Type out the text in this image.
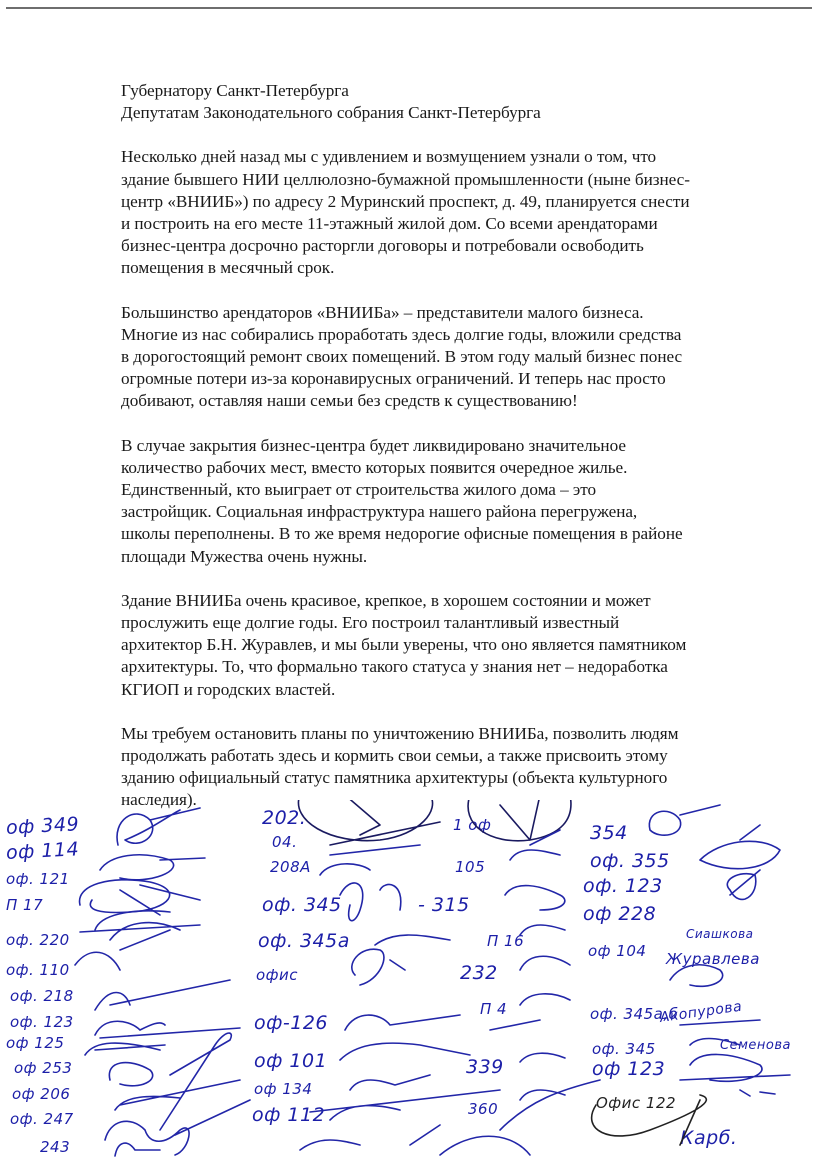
Губернатору Санкт-Петербурга
Депутатам Законодательного собрания Санкт-Петербурга
Несколько дней назад мы с удивлением и возмущением узнали о том, что
здание бывшего НИИ целлюлозно-бумажной промышленности (ныне бизнес-
центр «ВНИИБ») по адресу 2 Муринский проспект, д. 49, планируется снести
и построить на его месте 11-этажный жилой дом. Со всеми арендаторами
бизнес-центра досрочно расторгли договоры и потребовали освободить
помещения в месячный срок.
Большинство арендаторов «ВНИИБа» – представители малого бизнеса.
Многие из нас собирались проработать здесь долгие годы, вложили средства
в дорогостоящий ремонт своих помещений. В этом году малый бизнес понес
огромные потери из-за коронавирусных ограничений. И теперь нас просто
добивают, оставляя наши семьи без средств к существованию!
В случае закрытия бизнес-центра будет ликвидировано значительное
количество рабочих мест, вместо которых появится очередное жилье.
Единственный, кто выиграет от строительства жилого дома – это
застройщик. Социальная инфраструктура нашего района перегружена,
школы переполнены. В то же время недорогие офисные помещения в районе
площади Мужества очень нужны.
Здание ВНИИБа очень красивое, крепкое, в хорошем состоянии и может
прослужить еще долгие годы. Его построил талантливый известный
архитектор Б.Н. Журавлев, и мы были уверены, что оно является памятником
архитектуры. То, что формально такого статуса у знания нет – недоработка
КГИОП и городских властей.
Мы требуем остановить планы по уничтожению ВНИИБа, позволить людям
продолжать работать здесь и кормить свои семьи, а также присвоить этому
зданию официальный статус памятника архитектуры (объекта культурного
наследия).
оф 349
оф 114
оф. 121
П 17
оф. 220
оф. 110
оф. 218
оф. 123
оф 125
оф 253
оф 206
оф. 247
243
202.
04.
208А
оф. 345	- 315
оф. 345а
офис
оф-126
оф 101
оф 134
оф 112
1 оф
105
П 16
232
П 4
339
360
354
оф. 355
оф. 123
оф 228
оф 104
оф. 345а,б
оф. 345
оф 123
Офис 122
Сиашкова
Журавлева
Акопурова
Семенова
Карб.
